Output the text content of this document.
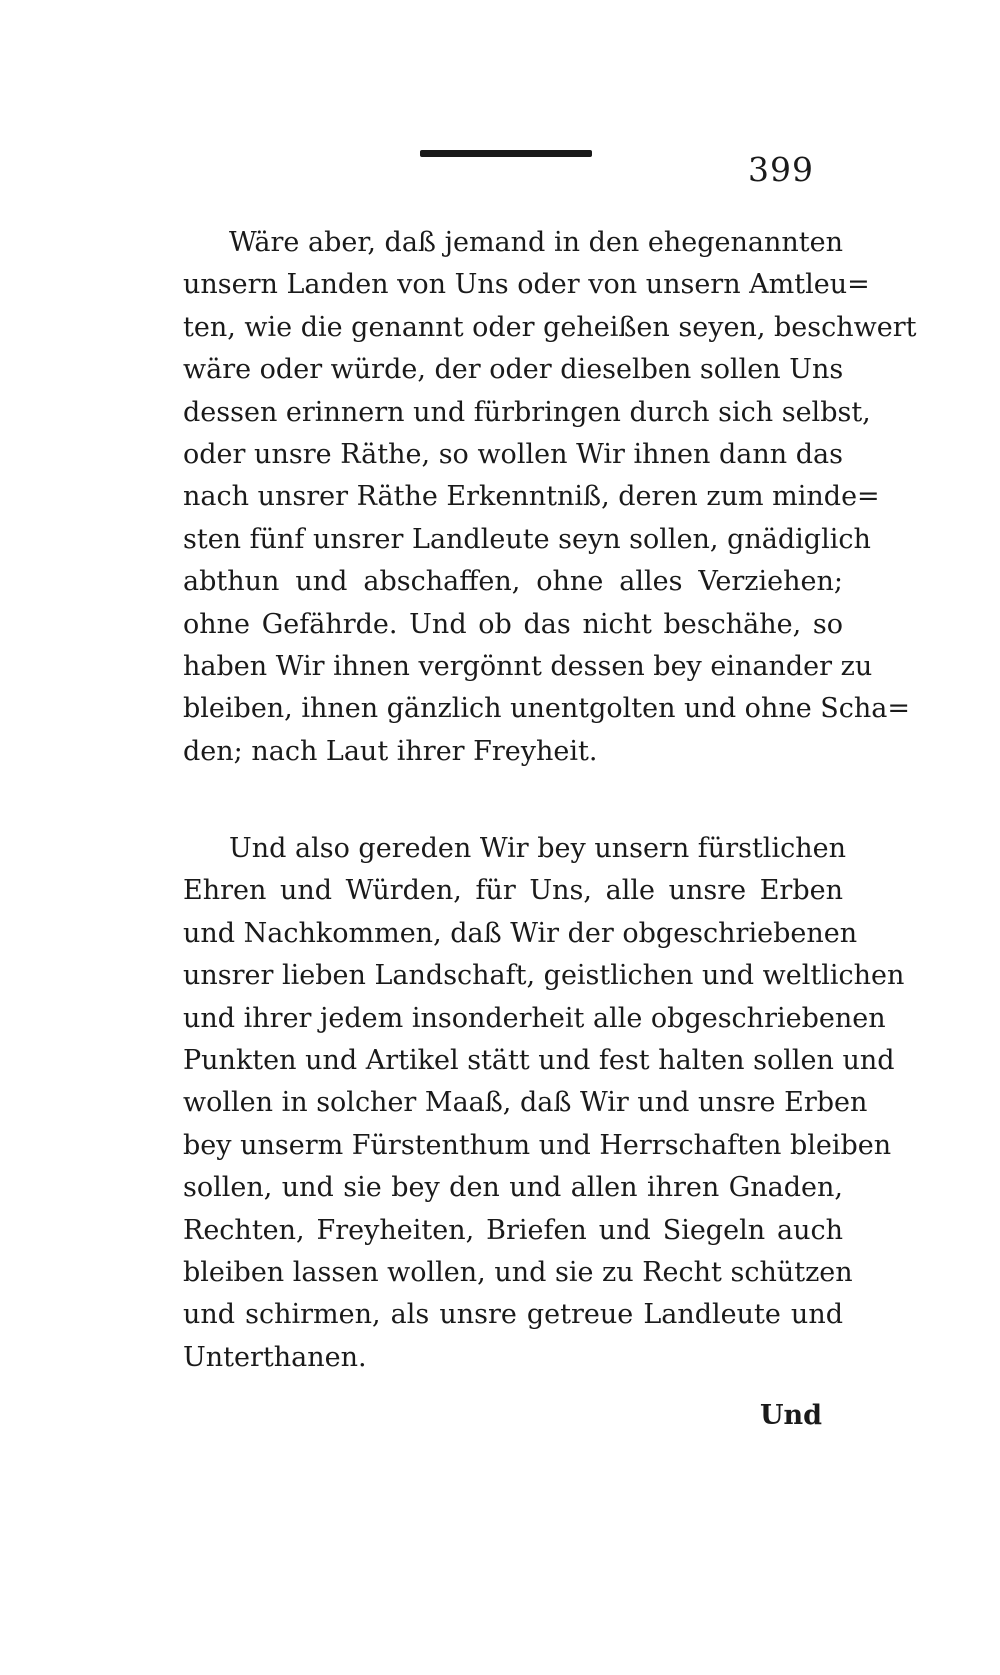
399
Wäre aber, daß jemand in den ehegenannten
unsern Landen von Uns oder von unsern Amtleu=
ten, wie die genannt oder geheißen seyen, beschwert
wäre oder würde, der oder dieselben sollen Uns
dessen erinnern und fürbringen durch sich selbst,
oder unsre Räthe, so wollen Wir ihnen dann das
nach unsrer Räthe Erkenntniß, deren zum minde=
sten fünf unsrer Landleute seyn sollen, gnädiglich
abthun und abschaffen, ohne alles Verziehen;
ohne Gefährde. Und ob das nicht beschähe, so
haben Wir ihnen vergönnt dessen bey einander zu
bleiben, ihnen gänzlich unentgolten und ohne Scha=
den; nach Laut ihrer Freyheit.
Und also gereden Wir bey unsern fürstlichen
Ehren und Würden, für Uns, alle unsre Erben
und Nachkommen, daß Wir der obgeschriebenen
unsrer lieben Landschaft, geistlichen und weltlichen
und ihrer jedem insonderheit alle obgeschriebenen
Punkten und Artikel stätt und fest halten sollen und
wollen in solcher Maaß, daß Wir und unsre Erben
bey unserm Fürstenthum und Herrschaften bleiben
sollen, und sie bey den und allen ihren Gnaden,
Rechten, Freyheiten, Briefen und Siegeln auch
bleiben lassen wollen, und sie zu Recht schützen
und schirmen, als unsre getreue Landleute und
Unterthanen.
Und
